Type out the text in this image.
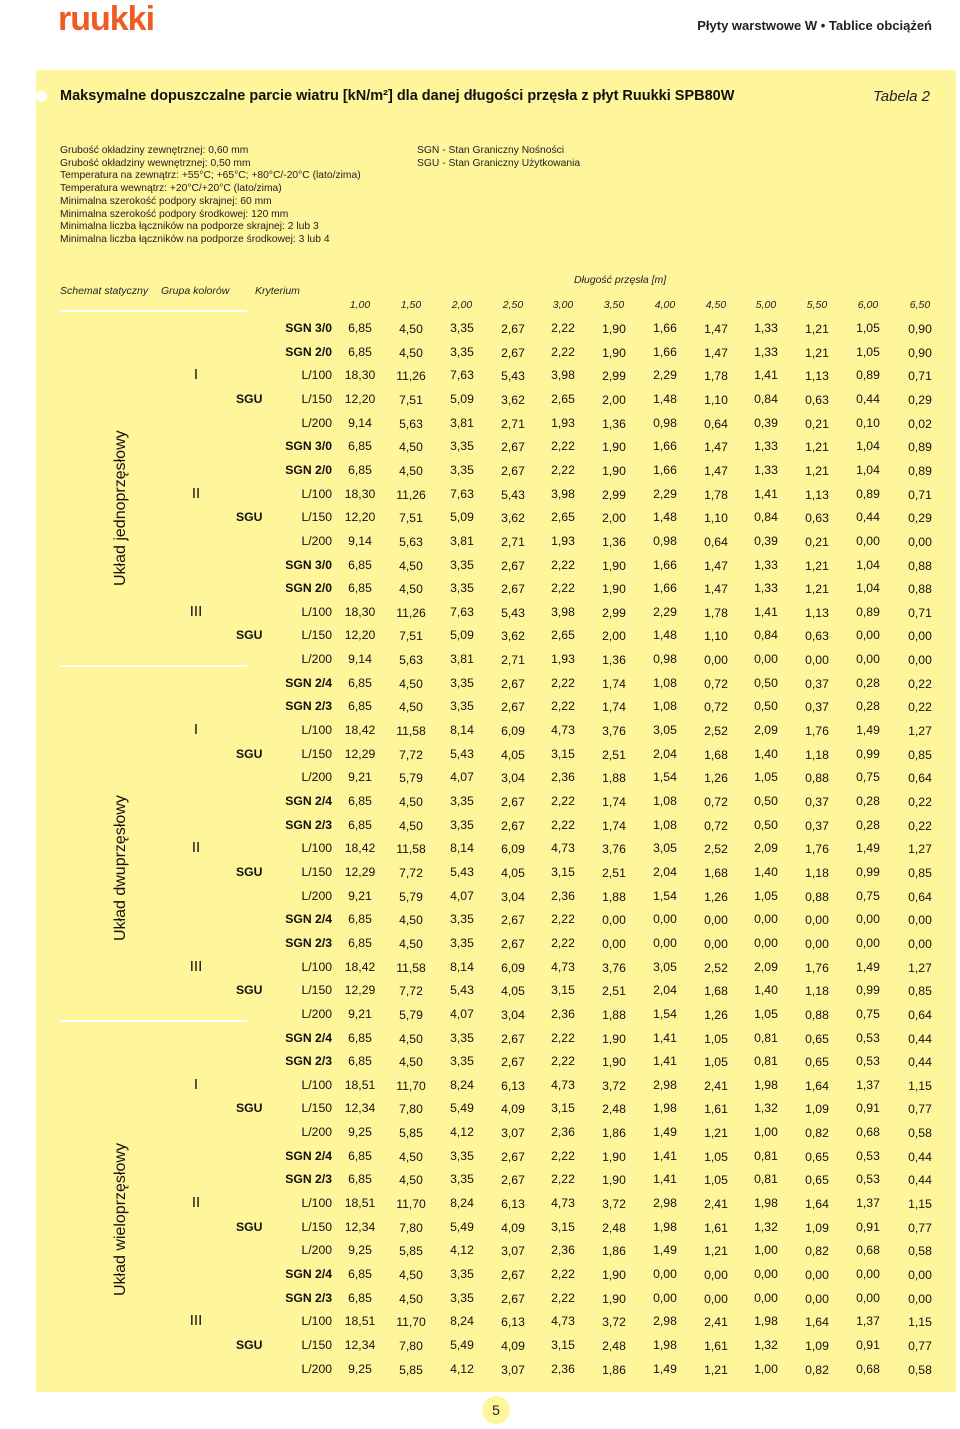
ruukki	Płyty warstwowe W • Tablice obciążeń
Maksymalne dopuszczalne parcie wiatru [kN/m²] dla danej długości przęsła z płyt Ruukki SPB80W	Tabela 2
Grubość okładziny zewnętrznej: 0,60 mm
Grubość okładziny wewnętrznej: 0,50 mm
Temperatura na zewnątrz: +55°C; +65°C; +80°C/-20°C (lato/zima)
Temperatura wewnątrz: +20°C/+20°C (lato/zima)
Minimalna szerokość podpory skrajnej: 60 mm
Minimalna szerokość podpory środkowej: 120 mm
Minimalna liczba łączników na podporze skrajnej: 2 lub 3
Minimalna liczba łączników na podporze środkowej: 3 lub 4
SGN - Stan Graniczny Nośności
SGU - Stan Graniczny Użytkowania
Schemat statyczny Grupa kolorów Kryterium
Długość przęsła [m]
1,00	1,50	2,00	2,50	3,00	3,50	4,00	4,50	5,00	5,50	6,00	6,50
Układ jednoprzęsłowy
I
SGN 3/0	6,85	4,50	3,35	2,67	2,22	1,90	1,66	1,47	1,33	1,21	1,05	0,90
SGN 2/0	6,85	4,50	3,35	2,67	2,22	1,90	1,66	1,47	1,33	1,21	1,05	0,90
L/100	18,30	11,26	7,63	5,43	3,98	2,99	2,29	1,78	1,41	1,13	0,89	0,71
SGU	L/150	12,20	7,51	5,09	3,62	2,65	2,00	1,48	1,10	0,84	0,63	0,44	0,29
L/200	9,14	5,63	3,81	2,71	1,93	1,36	0,98	0,64	0,39	0,21	0,10	0,02
II
SGN 3/0	6,85	4,50	3,35	2,67	2,22	1,90	1,66	1,47	1,33	1,21	1,04	0,89
SGN 2/0	6,85	4,50	3,35	2,67	2,22	1,90	1,66	1,47	1,33	1,21	1,04	0,89
L/100	18,30	11,26	7,63	5,43	3,98	2,99	2,29	1,78	1,41	1,13	0,89	0,71
SGU	L/150	12,20	7,51	5,09	3,62	2,65	2,00	1,48	1,10	0,84	0,63	0,44	0,29
L/200	9,14	5,63	3,81	2,71	1,93	1,36	0,98	0,64	0,39	0,21	0,00	0,00
III
SGN 3/0	6,85	4,50	3,35	2,67	2,22	1,90	1,66	1,47	1,33	1,21	1,04	0,88
SGN 2/0	6,85	4,50	3,35	2,67	2,22	1,90	1,66	1,47	1,33	1,21	1,04	0,88
L/100	18,30	11,26	7,63	5,43	3,98	2,99	2,29	1,78	1,41	1,13	0,89	0,71
SGU	L/150	12,20	7,51	5,09	3,62	2,65	2,00	1,48	1,10	0,84	0,63	0,00	0,00
L/200	9,14	5,63	3,81	2,71	1,93	1,36	0,98	0,00	0,00	0,00	0,00	0,00
Układ dwuprzęsłowy
I
SGN 2/4	6,85	4,50	3,35	2,67	2,22	1,74	1,08	0,72	0,50	0,37	0,28	0,22
SGN 2/3	6,85	4,50	3,35	2,67	2,22	1,74	1,08	0,72	0,50	0,37	0,28	0,22
L/100	18,42	11,58	8,14	6,09	4,73	3,76	3,05	2,52	2,09	1,76	1,49	1,27
SGU	L/150	12,29	7,72	5,43	4,05	3,15	2,51	2,04	1,68	1,40	1,18	0,99	0,85
L/200	9,21	5,79	4,07	3,04	2,36	1,88	1,54	1,26	1,05	0,88	0,75	0,64
II
SGN 2/4	6,85	4,50	3,35	2,67	2,22	1,74	1,08	0,72	0,50	0,37	0,28	0,22
SGN 2/3	6,85	4,50	3,35	2,67	2,22	1,74	1,08	0,72	0,50	0,37	0,28	0,22
L/100	18,42	11,58	8,14	6,09	4,73	3,76	3,05	2,52	2,09	1,76	1,49	1,27
SGU	L/150	12,29	7,72	5,43	4,05	3,15	2,51	2,04	1,68	1,40	1,18	0,99	0,85
L/200	9,21	5,79	4,07	3,04	2,36	1,88	1,54	1,26	1,05	0,88	0,75	0,64
III
SGN 2/4	6,85	4,50	3,35	2,67	2,22	0,00	0,00	0,00	0,00	0,00	0,00	0,00
SGN 2/3	6,85	4,50	3,35	2,67	2,22	0,00	0,00	0,00	0,00	0,00	0,00	0,00
L/100	18,42	11,58	8,14	6,09	4,73	3,76	3,05	2,52	2,09	1,76	1,49	1,27
SGU	L/150	12,29	7,72	5,43	4,05	3,15	2,51	2,04	1,68	1,40	1,18	0,99	0,85
L/200	9,21	5,79	4,07	3,04	2,36	1,88	1,54	1,26	1,05	0,88	0,75	0,64
Układ wieloprzęsłowy
I
SGN 2/4	6,85	4,50	3,35	2,67	2,22	1,90	1,41	1,05	0,81	0,65	0,53	0,44
SGN 2/3	6,85	4,50	3,35	2,67	2,22	1,90	1,41	1,05	0,81	0,65	0,53	0,44
L/100	18,51	11,70	8,24	6,13	4,73	3,72	2,98	2,41	1,98	1,64	1,37	1,15
SGU	L/150	12,34	7,80	5,49	4,09	3,15	2,48	1,98	1,61	1,32	1,09	0,91	0,77
L/200	9,25	5,85	4,12	3,07	2,36	1,86	1,49	1,21	1,00	0,82	0,68	0,58
II
SGN 2/4	6,85	4,50	3,35	2,67	2,22	1,90	1,41	1,05	0,81	0,65	0,53	0,44
SGN 2/3	6,85	4,50	3,35	2,67	2,22	1,90	1,41	1,05	0,81	0,65	0,53	0,44
L/100	18,51	11,70	8,24	6,13	4,73	3,72	2,98	2,41	1,98	1,64	1,37	1,15
SGU	L/150	12,34	7,80	5,49	4,09	3,15	2,48	1,98	1,61	1,32	1,09	0,91	0,77
L/200	9,25	5,85	4,12	3,07	2,36	1,86	1,49	1,21	1,00	0,82	0,68	0,58
III
SGN 2/4	6,85	4,50	3,35	2,67	2,22	1,90	0,00	0,00	0,00	0,00	0,00	0,00
SGN 2/3	6,85	4,50	3,35	2,67	2,22	1,90	0,00	0,00	0,00	0,00	0,00	0,00
L/100	18,51	11,70	8,24	6,13	4,73	3,72	2,98	2,41	1,98	1,64	1,37	1,15
SGU	L/150	12,34	7,80	5,49	4,09	3,15	2,48	1,98	1,61	1,32	1,09	0,91	0,77
L/200	9,25	5,85	4,12	3,07	2,36	1,86	1,49	1,21	1,00	0,82	0,68	0,58
5
